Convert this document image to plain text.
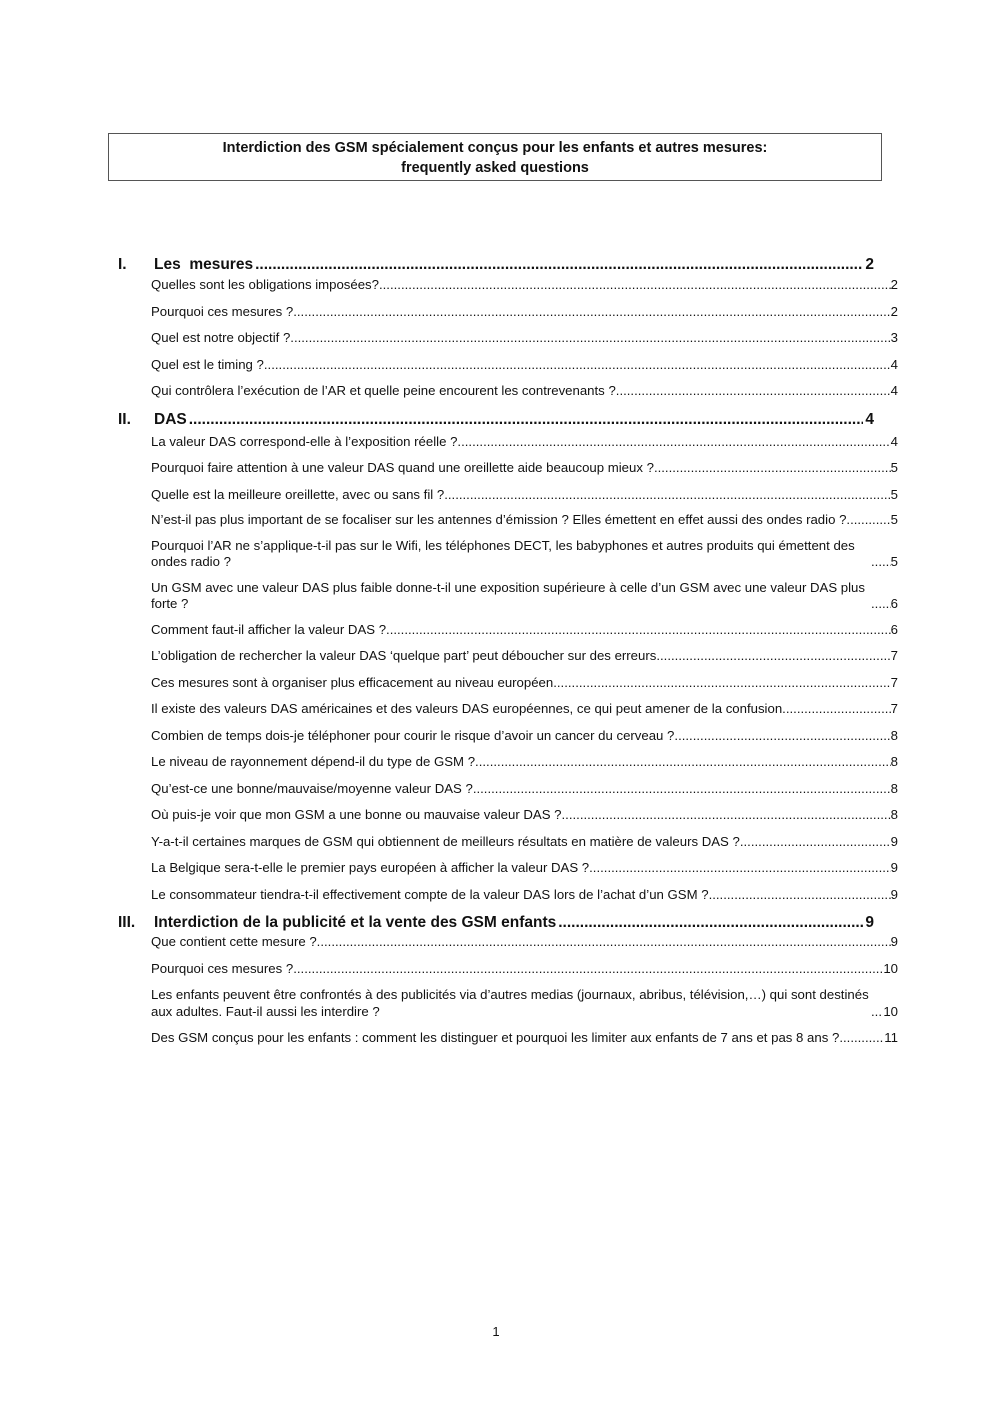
Interdiction des GSM spécialement conçus pour les enfants et autres mesures:
frequently asked questions
I.	Les  mesures .....	2
Quelles sont les obligations imposées? .....	2
Pourquoi ces mesures ? .....	2
Quel est notre objectif ? .....	3
Quel est le timing ? .....	4
Qui contrôlera l’exécution de l’AR et quelle peine encourent les contrevenants ? .....	4
II.	DAS .....	4
La valeur DAS correspond-elle à l’exposition réelle ? .....	4
Pourquoi faire attention à une valeur DAS quand une oreillette aide beaucoup mieux ? .....	5
Quelle est la meilleure oreillette, avec ou sans fil ? .....	5
N’est-il pas plus important de se focaliser sur les antennes d’émission ? Elles émettent en effet aussi des ondes radio ? .....	5
Pourquoi l’AR ne s’applique-t-il pas sur le Wifi, les téléphones DECT, les babyphones et autres produits qui émettent des ondes radio ? .....	5
Un GSM avec une valeur DAS plus faible donne-t-il une exposition supérieure à celle d’un GSM avec une valeur DAS plus forte ? .....	6
Comment faut-il afficher la valeur DAS ? .....	6
L’obligation de rechercher la valeur DAS ‘quelque part’ peut déboucher sur des erreurs. .....	7
Ces mesures sont à organiser plus efficacement au niveau européen. .....	7
Il existe des valeurs DAS américaines et des valeurs DAS européennes, ce qui peut amener de la confusion. .....	7
Combien de temps dois-je téléphoner pour courir le risque d’avoir un cancer du cerveau ? .....	8
Le niveau de rayonnement dépend-il du type de GSM ? .....	8
Qu’est-ce une bonne/mauvaise/moyenne valeur DAS ? .....	8
Où puis-je voir que mon GSM a une bonne ou mauvaise valeur DAS ? .....	8
Y-a-t-il certaines marques de GSM qui obtiennent de meilleurs résultats en matière de valeurs DAS ? .....	9
La Belgique sera-t-elle le premier pays européen à afficher la valeur DAS ? .....	9
Le consommateur tiendra-t-il effectivement compte de la valeur DAS lors de l’achat d’un GSM ? .....	9
III.	Interdiction de la publicité et la vente des GSM enfants .....	9
Que contient cette mesure ? .....	9
Pourquoi ces mesures ? .....	10
Les enfants peuvent être confrontés à des publicités via d’autres medias (journaux, abribus, télévision,…) qui sont destinés aux adultes. Faut-il aussi les interdire ? .....	10
Des GSM conçus pour les enfants : comment les distinguer et pourquoi les limiter aux enfants de 7 ans et pas 8 ans ? .....	11
1
